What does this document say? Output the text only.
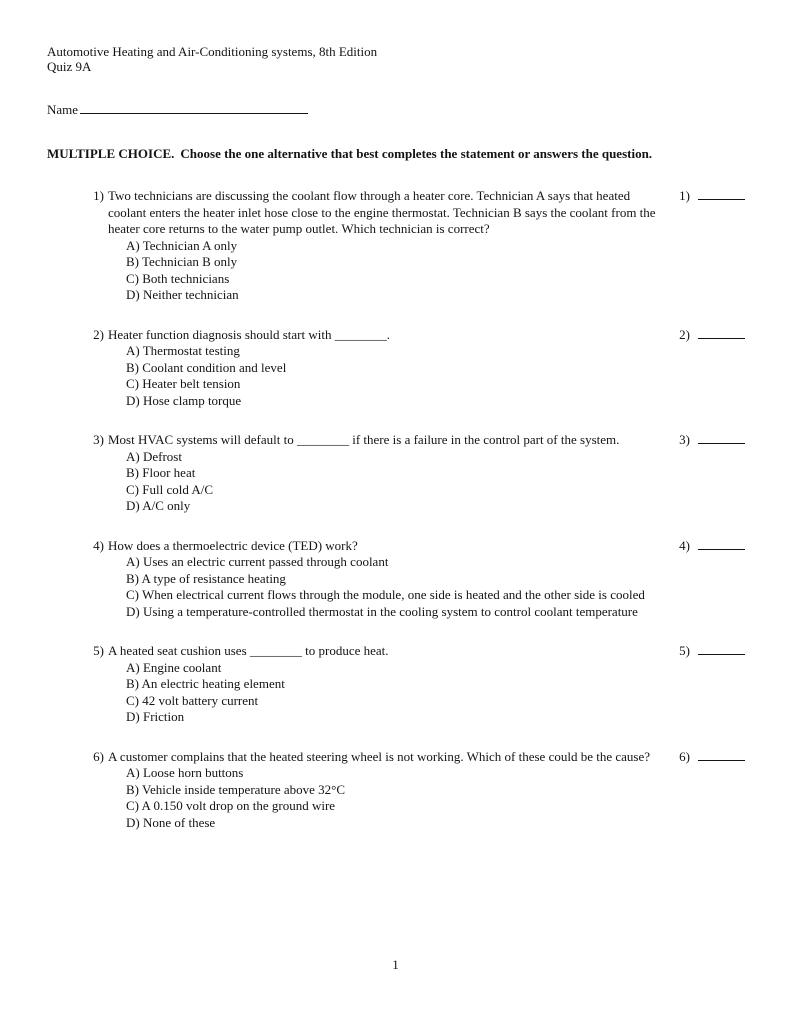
Automotive Heating and Air-Conditioning systems, 8th Edition
Quiz 9A
Name
MULTIPLE CHOICE. Choose the one alternative that best completes the statement or answers the question.
1) Two technicians are discussing the coolant flow through a heater core. Technician A says that heated coolant enters the heater inlet hose close to the engine thermostat. Technician B says the coolant from the heater core returns to the water pump outlet. Which technician is correct?
A) Technician A only
B) Technician B only
C) Both technicians
D) Neither technician
1)
2) Heater function diagnosis should start with ________.
A) Thermostat testing
B) Coolant condition and level
C) Heater belt tension
D) Hose clamp torque
2)
3) Most HVAC systems will default to ________ if there is a failure in the control part of the system.
A) Defrost
B) Floor heat
C) Full cold A/C
D) A/C only
3)
4) How does a thermoelectric device (TED) work?
A) Uses an electric current passed through coolant
B) A type of resistance heating
C) When electrical current flows through the module, one side is heated and the other side is cooled
D) Using a temperature-controlled thermostat in the cooling system to control coolant temperature
4)
5) A heated seat cushion uses ________ to produce heat.
A) Engine coolant
B) An electric heating element
C) 42 volt battery current
D) Friction
5)
6) A customer complains that the heated steering wheel is not working. Which of these could be the cause?
A) Loose horn buttons
B) Vehicle inside temperature above 32°C
C) A 0.150 volt drop on the ground wire
D) None of these
6)
1
